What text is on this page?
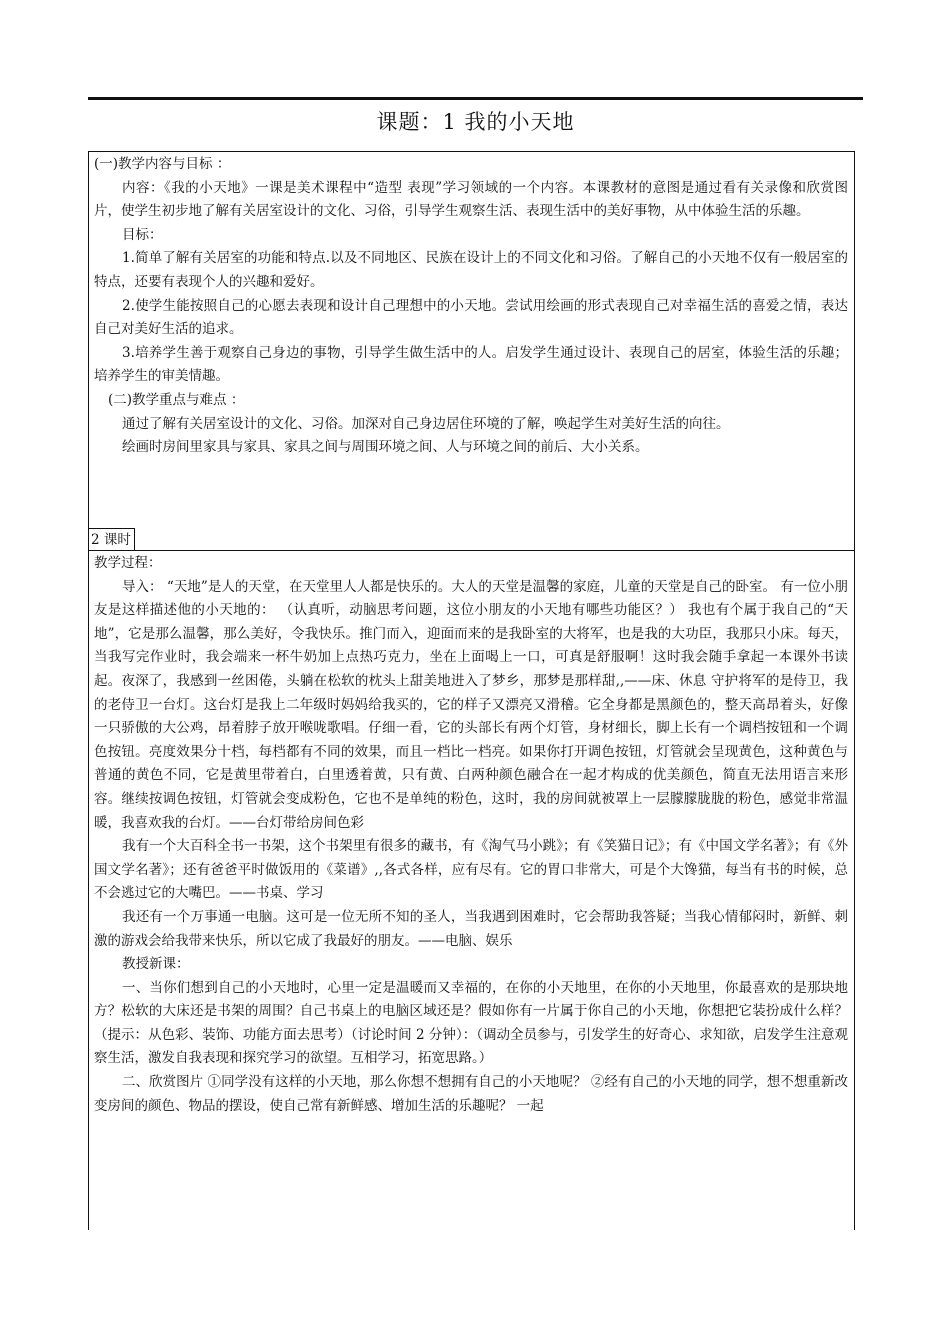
课题：1 我的小天地

(一)教学内容与目标 ：

内容：《我的小天地》一课是美术课程中“造型 表现”学习领域的一个内容。本课教材的意图是通过看有关录像和欣赏图片，使学生初步地了解有关居室设计的文化、习俗，引导学生观察生活、表现生活中的美好事物，从中体验生活的乐趣。

目标：

1.简单了解有关居室的功能和特点.以及不同地区、民族在设计上的不同文化和习俗。了解自己的小天地不仅有一般居室的特点，还要有表现个人的兴趣和爱好。

2.使学生能按照自己的心愿去表现和设计自己理想中的小天地。尝试用绘画的形式表现自己对幸福生活的喜爱之情，表达自己对美好生活的追求。

3.培养学生善于观察自己身边的事物，引导学生做生活中的人。启发学生通过设计、表现自己的居室，体验生活的乐趣；培养学生的审美情趣。

(二)教学重点与难点 ：

通过了解有关居室设计的文化、习俗。加深对自己身边居住环境的了解，唤起学生对美好生活的向往。

绘画时房间里家具与家具、家具之间与周围环境之间、人与环境之间的前后、大小关系。

2 课时

教学过程：

导入： “天地”是人的天堂，在天堂里人人都是快乐的。大人的天堂是温馨的家庭，儿童的天堂是自己的卧室。 有一位小朋友是这样描述他的小天地的： （认真听，动脑思考问题，这位小朋友的小天地有哪些功能区？） 我也有个属于我自己的“天地”，它是那么温馨，那么美好，令我快乐。推门而入，迎面而来的是我卧室的大将军，也是我的大功臣，我那只小床。每天，当我写完作业时，我会端来一杯牛奶加上点热巧克力，坐在上面喝上一口，可真是舒服啊！这时我会随手拿起一本课外书读起。夜深了，我感到一丝困倦，头躺在松软的枕头上甜美地进入了梦乡，那梦是那样甜,,——床、休息 守护将军的是侍卫，我的老侍卫一台灯。这台灯是我上二年级时妈妈给我买的，它的样子又漂亮又滑稽。它全身都是黑颜色的，整天高昂着头，好像一只骄傲的大公鸡，昂着脖子放开喉咙歌唱。仔细一看，它的头部长有两个灯管，身材细长，脚上长有一个调档按钮和一个调色按钮。亮度效果分十档，每档都有不同的效果，而且一档比一档亮。如果你打开调色按钮，灯管就会呈现黄色，这种黄色与普通的黄色不同，它是黄里带着白，白里透着黄，只有黄、白两种颜色融合在一起才构成的优美颜色，简直无法用语言来形容。继续按调色按钮，灯管就会变成粉色，它也不是单纯的粉色，这时，我的房间就被罩上一层朦朦胧胧的粉色，感觉非常温暖，我喜欢我的台灯。——台灯带给房间色彩

我有一个大百科全书一书架，这个书架里有很多的藏书，有《淘气马小跳》；有《笑猫日记》；有《中国文学名著》；有《外国文学名著》；还有爸爸平时做饭用的《菜谱》,,各式各样，应有尽有。它的胃口非常大，可是个大馋猫，每当有书的时候，总不会逃过它的大嘴巴。——书桌、学习

我还有一个万事通一电脑。这可是一位无所不知的圣人，当我遇到困难时，它会帮助我答疑；当我心情郁闷时，新鲜、刺激的游戏会给我带来快乐，所以它成了我最好的朋友。——电脑、娱乐

教授新课：

一、当你们想到自己的小天地时，心里一定是温暖而又幸福的，在你的小天地里，在你的小天地里，你最喜欢的是那块地方？松软的大床还是书架的周围？自己书桌上的电脑区域还是？假如你有一片属于你自己的小天地，你想把它装扮成什么样？（提示：从色彩、装饰、功能方面去思考）（讨论时间 2 分钟）：（调动全员参与，引发学生的好奇心、求知欲，启发学生注意观察生活，激发自我表现和探究学习的欲望。互相学习，拓宽思路。）

二、欣赏图片 ①同学没有这样的小天地，那么你想不想拥有自己的小天地呢？ ②经有自己的小天地的同学，想不想重新改变房间的颜色、物品的摆设，使自己常有新鲜感、增加生活的乐趣呢？ 一起
